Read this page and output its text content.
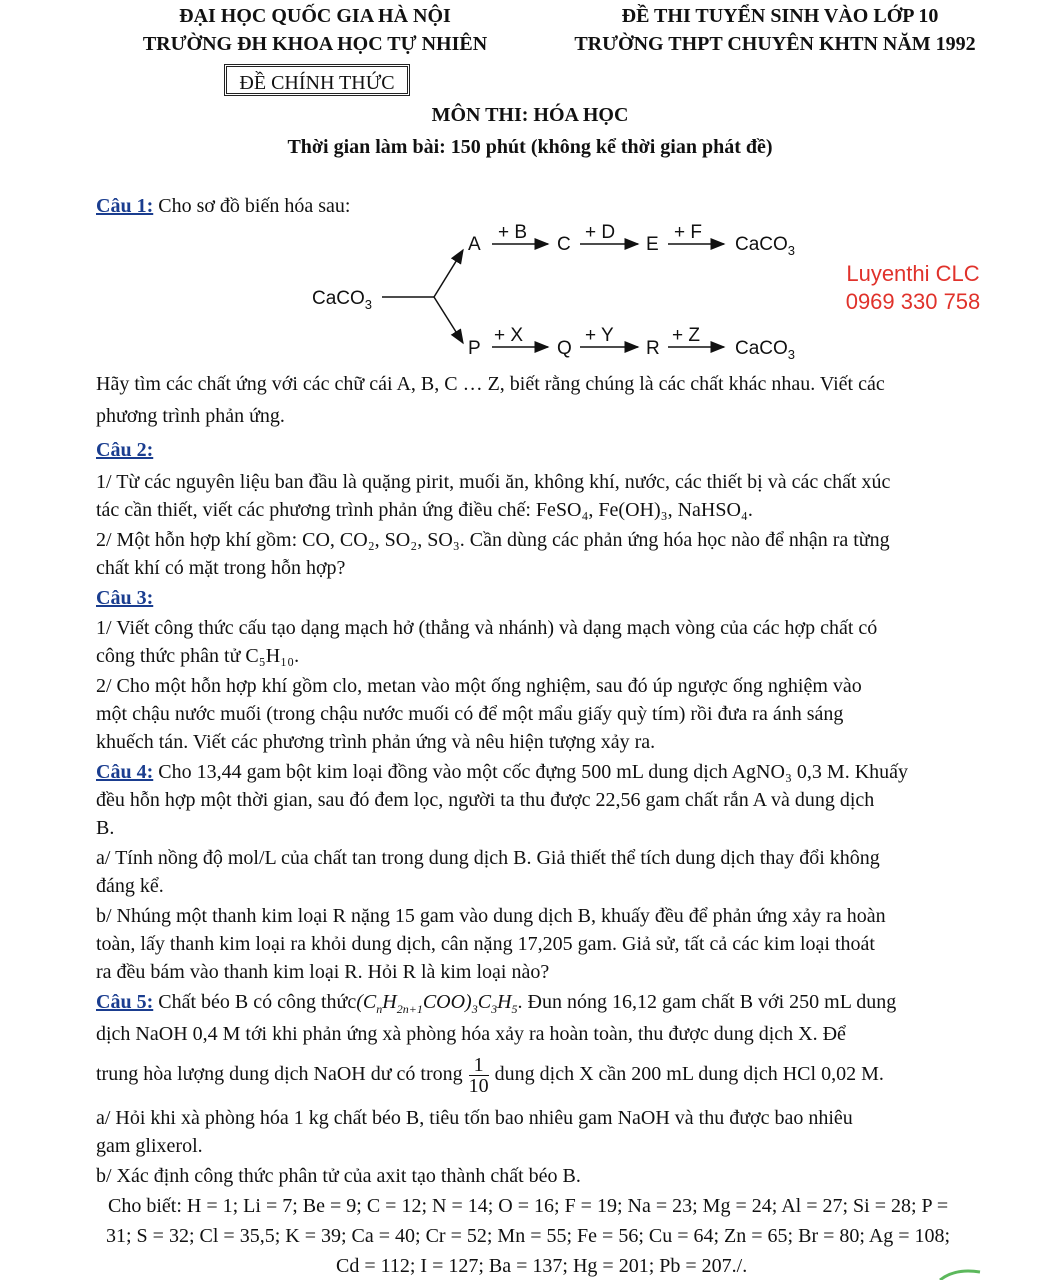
ĐẠI HỌC QUỐC GIA HÀ NỘI
TRƯỜNG ĐH KHOA HỌC TỰ NHIÊN
ĐỀ THI TUYỂN SINH VÀO LỚP 10
TRƯỜNG THPT CHUYÊN KHTN NĂM 1992
ĐỀ CHÍNH THỨC
MÔN THI: HÓA HỌC
Thời gian làm bài: 150 phút (không kể thời gian phát đề)
Câu 1: Cho sơ đồ biến hóa sau:
CaCO$_3$
A
+ B
C
+ D
E
+ F
CaCO$_3$
P
+ X
Q
+ Y
R
+ Z
CaCO$_3$
Luyenthi CLC
0969 330 758
Hãy tìm các chất ứng với các chữ cái A, B, C … Z, biết rằng chúng là các chất khác nhau. Viết các
phương trình phản ứng.
Câu 2:
1/ Từ các nguyên liệu ban đầu là quặng pirit, muối ăn, không khí, nước, các thiết bị và các chất xúc
tác cần thiết, viết các phương trình phản ứng điều chế: FeSO₄, Fe(OH)₃, NaHSO₄.
2/ Một hỗn hợp khí gồm: CO, CO₂, SO₂, SO₃. Cần dùng các phản ứng hóa học nào để nhận ra từng
chất khí có mặt trong hỗn hợp?
Câu 3:
1/ Viết công thức cấu tạo dạng mạch hở (thẳng và nhánh) và dạng mạch vòng của các hợp chất có
công thức phân tử C₅H₁₀.
2/ Cho một hỗn hợp khí gồm clo, metan vào một ống nghiệm, sau đó úp ngược ống nghiệm vào
một chậu nước muối (trong chậu nước muối có để một mẩu giấy quỳ tím) rồi đưa ra ánh sáng
khuếch tán. Viết các phương trình phản ứng và nêu hiện tượng xảy ra.
Câu 4: Cho 13,44 gam bột kim loại đồng vào một cốc đựng 500 mL dung dịch AgNO₃ 0,3 M. Khuấy
đều hỗn hợp một thời gian, sau đó đem lọc, người ta thu được 22,56 gam chất rắn A và dung dịch
B.
a/ Tính nồng độ mol/L của chất tan trong dung dịch B. Giả thiết thể tích dung dịch thay đổi không
đáng kể.
b/ Nhúng một thanh kim loại R nặng 15 gam vào dung dịch B, khuấy đều để phản ứng xảy ra hoàn
toàn, lấy thanh kim loại ra khỏi dung dịch, cân nặng 17,205 gam. Giả sử, tất cả các kim loại thoát
ra đều bám vào thanh kim loại R. Hỏi R là kim loại nào?
Câu 5: Chất béo B có công $thức(C_nH_{2n+1}COO)_3C_3H_5$. Đun nóng 16,12 gam chất B với 250 mL dung
dịch NaOH 0,4 M tới khi phản ứng xà phòng hóa xảy ra hoàn toàn, thu được dung dịch X. Để
trung hòa lượng dung dịch NaOH dư có trong $\frac{1}{10}$ dung dịch X cần 200 mL dung dịch HCl 0,02 M.
a/ Hỏi khi xà phòng hóa 1 kg chất béo B, tiêu tốn bao nhiêu gam NaOH và thu được bao nhiêu
gam glixerol.
b/ Xác định công thức phân tử của axit tạo thành chất béo B.
Cho biết: H = 1; Li = 7; Be = 9; C = 12; N = 14; O = 16; F = 19; Na = 23; Mg = 24; Al = 27; Si = 28; P =
31; S = 32; Cl = 35,5; K = 39; Ca = 40; Cr = 52; Mn = 55; Fe = 56; Cu = 64; Zn = 65; Br = 80; Ag = 108;
Cd = 112; I = 127; Ba = 137; Hg = 201; Pb = 207./.
